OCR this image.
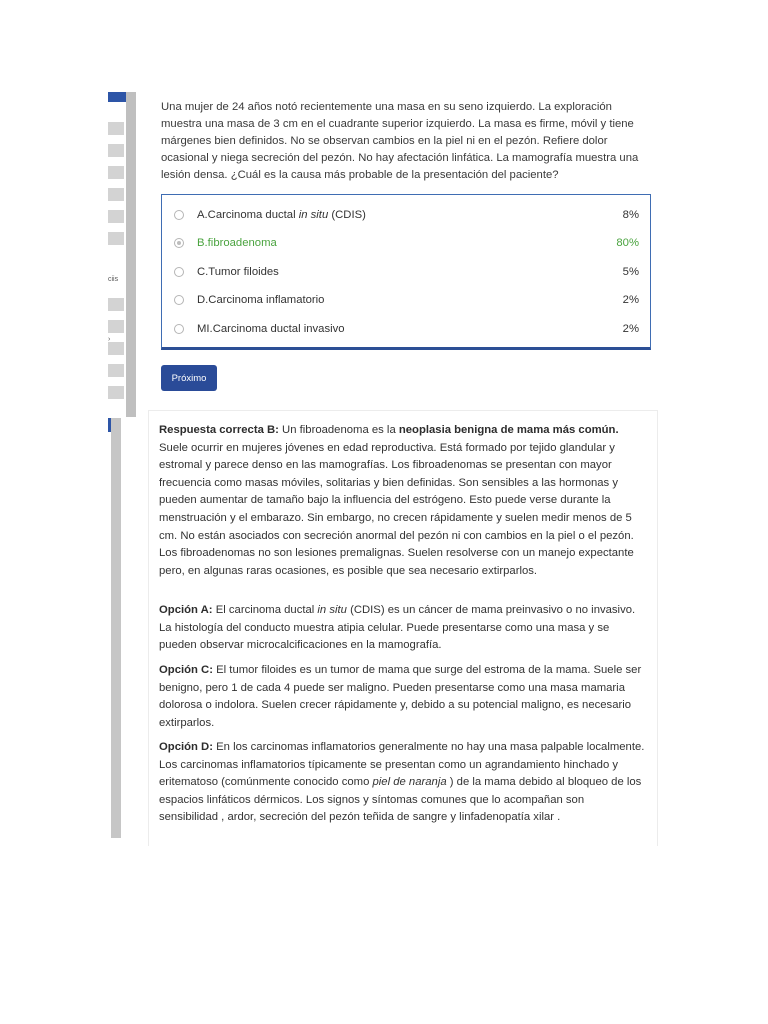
ciis
›
Una mujer de 24 años notó recientemente una masa en su seno izquierdo. La exploración muestra una masa de 3 cm en el cuadrante superior izquierdo. La masa es firme, móvil y tiene márgenes bien definidos. No se observan cambios en la piel ni en el pezón. Refiere dolor ocasional y niega secreción del pezón. No hay afectación linfática. La mamografía muestra una lesión densa. ¿Cuál es la causa más probable de la presentación del paciente?
A.Carcinoma ductal in situ (CDIS)	8%
B.fibroadenoma	80%
C.Tumor filoides	5%
D.Carcinoma inflamatorio	2%
MI.Carcinoma ductal invasivo	2%
Próximo

Respuesta correcta B: Un fibroadenoma es la neoplasia benigna de mama más común. Suele ocurrir en mujeres jóvenes en edad reproductiva. Está formado por tejido glandular y estromal y parece denso en las mamografías. Los fibroadenomas se presentan con mayor frecuencia como masas móviles, solitarias y bien definidas. Son sensibles a las hormonas y pueden aumentar de tamaño bajo la influencia del estrógeno. Esto puede verse durante la menstruación y el embarazo. Sin embargo, no crecen rápidamente y suelen medir menos de 5 cm. No están asociados con secreción anormal del pezón ni con cambios en la piel o el pezón. Los fibroadenomas no son lesiones premalignas. Suelen resolverse con un manejo expectante pero, en algunas raras ocasiones, es posible que sea necesario extirparlos.

Opción A: El carcinoma ductal in situ (CDIS) es un cáncer de mama preinvasivo o no invasivo. La histología del conducto muestra atipia celular. Puede presentarse como una masa y se pueden observar microcalcificaciones en la mamografía.

Opción C: El tumor filoides es un tumor de mama que surge del estroma de la mama. Suele ser benigno, pero 1 de cada 4 puede ser maligno. Pueden presentarse como una masa mamaria dolorosa o indolora. Suelen crecer rápidamente y, debido a su potencial maligno, es necesario extirparlos.

Opción D: En los carcinomas inflamatorios generalmente no hay una masa palpable localmente. Los carcinomas inflamatorios típicamente se presentan como un agrandamiento hinchado y eritematoso (comúnmente conocido como piel de naranja ) de la mama debido al bloqueo de los espacios linfáticos dérmicos. Los signos y síntomas comunes que lo acompañan son sensibilidad , ardor, secreción del pezón teñida de sangre y linfadenopatía xilar .
